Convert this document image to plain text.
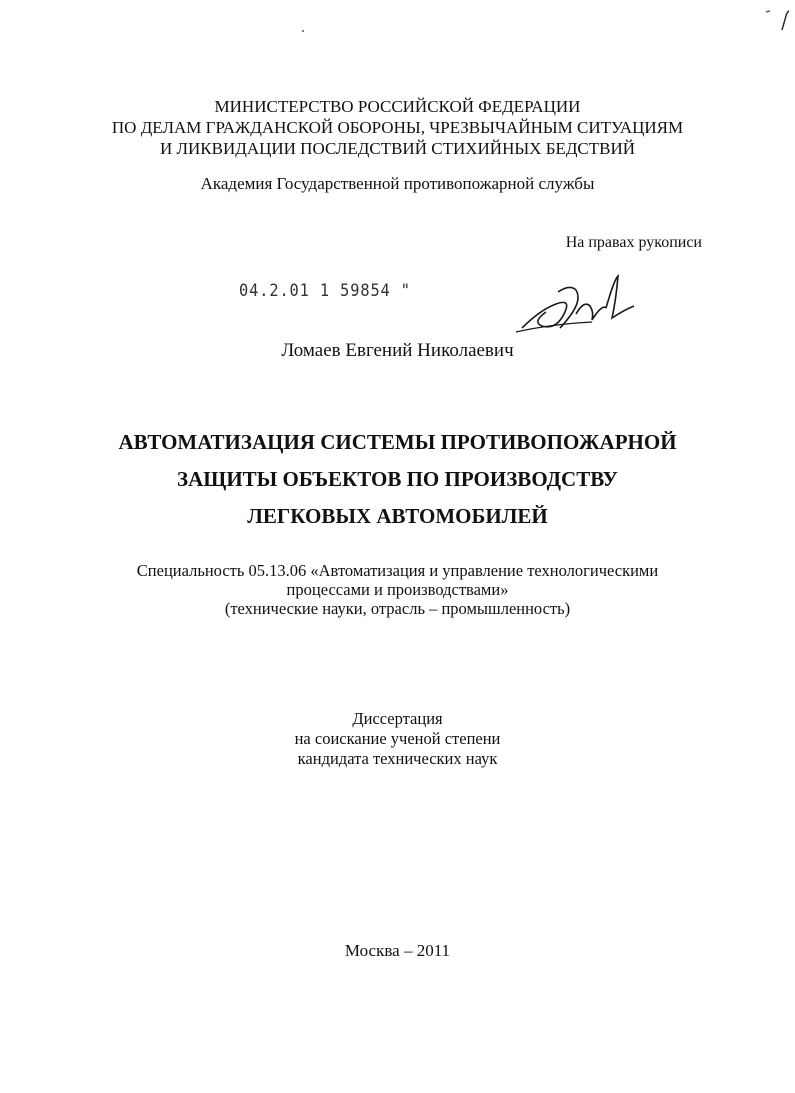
МИНИСТЕРСТВО РОССИЙСКОЙ ФЕДЕРАЦИИ
ПО ДЕЛАМ ГРАЖДАНСКОЙ ОБОРОНЫ, ЧРЕЗВЫЧАЙНЫМ СИТУАЦИЯМ
И ЛИКВИДАЦИИ ПОСЛЕДСТВИЙ СТИХИЙНЫХ БЕДСТВИЙ
Академия Государственной противопожарной службы
На правах рукописи
04.2.01 1 59854 "
Ломаев Евгений Николаевич
АВТОМАТИЗАЦИЯ СИСТЕМЫ ПРОТИВОПОЖАРНОЙ
ЗАЩИТЫ ОБЪЕКТОВ ПО ПРОИЗВОДСТВУ
ЛЕГКОВЫХ АВТОМОБИЛЕЙ
Специальность 05.13.06 «Автоматизация и управление технологическими
процессами и производствами»
(технические науки, отрасль – промышленность)
Диссертация
на соискание ученой степени
кандидата технических наук
Москва – 2011
